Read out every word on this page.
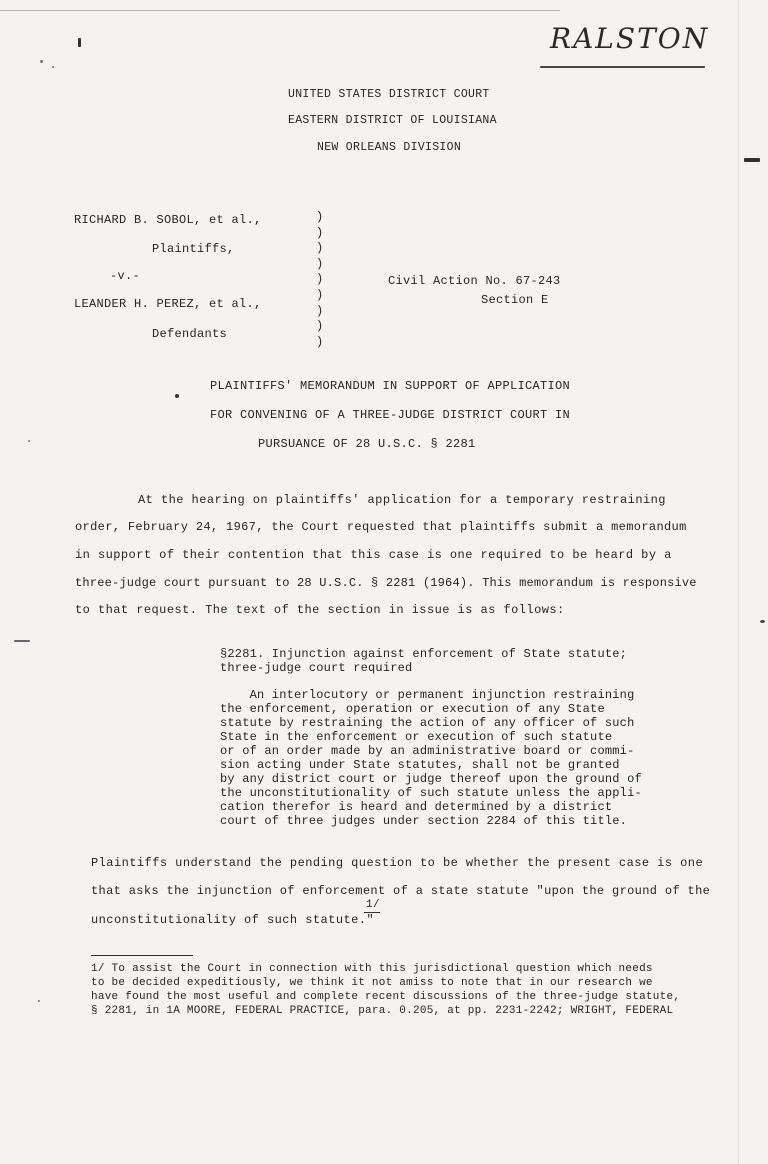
RALSTON
UNITED STATES DISTRICT COURT
EASTERN DISTRICT OF LOUISIANA
NEW ORLEANS DIVISION
RICHARD B. SOBOL, et al.,
Plaintiffs,
-v.-
LEANDER H. PEREZ, et al.,
Defendants
)
)
)
)
)
)
)
)
)
Civil Action No. 67-243
Section E
PLAINTIFFS' MEMORANDUM IN SUPPORT OF APPLICATION
FOR CONVENING OF A THREE-JUDGE DISTRICT COURT IN
PURSUANCE OF 28 U.S.C. § 2281
At the hearing on plaintiffs' application for a temporary restraining
order, February 24, 1967, the Court requested that plaintiffs submit a memorandum
in support of their contention that this case is one required to be heard by a
three-judge court pursuant to 28 U.S.C. § 2281 (1964). This memorandum is responsive
to that request. The text of the section in issue is as follows:
§2281. Injunction against enforcement of State statute;
three-judge court required
An interlocutory or permanent injunction restraining
the enforcement, operation or execution of any State
statute by restraining the action of any officer of such
State in the enforcement or execution of such statute
or of an order made by an administrative board or commi-
sion acting under State statutes, shall not be granted
by any district court or judge thereof upon the ground of
the unconstitutionality of such statute unless the appli-
cation therefor is heard and determined by a district
court of three judges under section 2284 of this title.
Plaintiffs understand the pending question to be whether the present case is one
that asks the injunction of enforcement of a state statute "upon the ground of the
unconstitutionality of such statute."
1/
1/ To assist the Court in connection with this jurisdictional question which needs
to be decided expeditiously, we think it not amiss to note that in our research we
have found the most useful and complete recent discussions of the three-judge statute,
§ 2281, in 1A MOORE, FEDERAL PRACTICE, para. 0.205, at pp. 2231-2242; WRIGHT, FEDERAL
